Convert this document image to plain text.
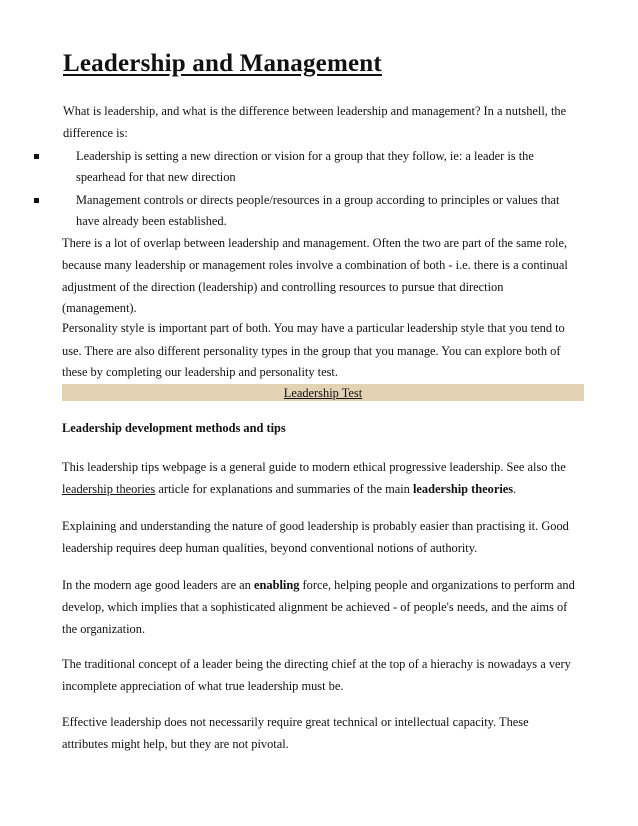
Leadership and Management
What is leadership, and what is the difference between leadership and management? In a nutshell, the
difference is:
Leadership is setting a new direction or vision for a group that they follow, ie: a leader is the
spearhead for that new direction
Management controls or directs people/resources in a group according to principles or values that
have already been established.
There is a lot of overlap between leadership and management. Often the two are part of the same role,
because many leadership or management roles involve a combination of both - i.e. there is a continual
adjustment of the direction (leadership) and controlling resources to pursue that direction
(management).
Personality style is important part of both. You may have a particular leadership style that you tend to
use. There are also different personality types in the group that you manage. You can explore both of
these by completing our leadership and personality test.
Leadership Test
Leadership development methods and tips
This leadership tips webpage is a general guide to modern ethical progressive leadership. See also the
leadership theories article for explanations and summaries of the main leadership theories.
Explaining and understanding the nature of good leadership is probably easier than practising it. Good
leadership requires deep human qualities, beyond conventional notions of authority.
In the modern age good leaders are an enabling force, helping people and organizations to perform and
develop, which implies that a sophisticated alignment be achieved - of people's needs, and the aims of
the organization.
The traditional concept of a leader being the directing chief at the top of a hierachy is nowadays a very
incomplete appreciation of what true leadership must be.
Effective leadership does not necessarily require great technical or intellectual capacity. These
attributes might help, but they are not pivotal.
